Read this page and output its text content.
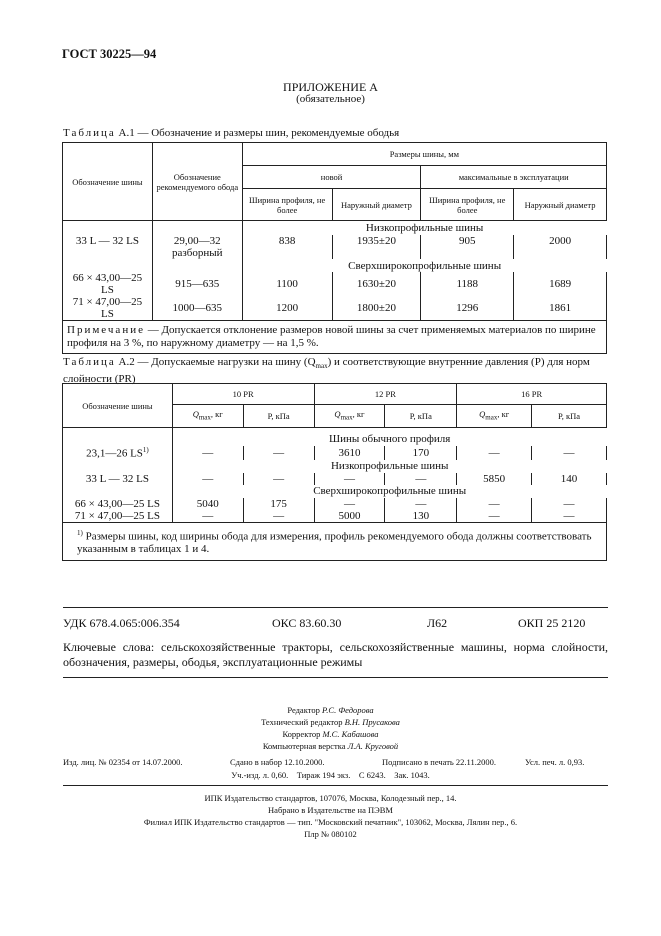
ГОСТ 30225—94
ПРИЛОЖЕНИЕ А
(обязательное)
Таблица А.1 — Обозначение и размеры шин, рекомендуемые ободья
Обозначение шины	Обозначение рекомендуемого обода	Размеры шины, мм			
		новой		максимальные в эксплуатации	
		Ширина профиля, не более	Наружный диаметр	Ширина профиля, не более	Наружный диаметр
		Низкопрофильные шины			
33 L — 32 LS	29,00—32 разборный	838	1935±20	905	2000
		Сверхширокопрофильные шины			
66 × 43,00—25 LS	915—635	1100	1630±20	1188	1689
71 × 47,00—25 LS	1000—635	1200	1800±20	1296	1861
Примечание — Допускается отклонение размеров новой шины за счет применяемых материалов по ширине профиля на 3 %, по наружному диаметру — на 1,5 %.					
Таблица А.2 — Допускаемые нагрузки на шину $(Q_{max})$ и соответствующие внутренние давления (P) для норм слойности (PR)
Обозначение шины	10 PR		12 PR		16 PR	
	$Q_{max}$, кг	P, кПа	$Q_{max}$, кг	P, кПа	$Q_{max}$, кг	P, кПа
	Шины обычного профиля					
23,1—26 LS$^{1)}$	—	—	3610	170	—	—
	Низкопрофильные шины					
33 L — 32 LS	—	—	—	—	5850	140
	Сверхширокопрофильные шины					
66 × 43,00—25 LS	5040	175	—	—	—	—
71 × 47,00—25 LS	—	—	5000	130	—	—
$^{1)}$ Размеры шины, код ширины обода для измерения, профиль рекомендуемого обода должны соответствовать указанным в таблицах 1 и 4.						
УДК 678.4.065:006.354	ОКС 83.60.30	Л62	ОКП 25 2120
Ключевые слова: сельскохозяйственные тракторы, сельскохозяйственные машины, норма слойности, обозначения, размеры, ободья, эксплуатационные режимы
Редактор Р.С. Федорова
Технический редактор В.Н. Прусакова
Корректор М.С. Кабашова
Компьютерная верстка Л.А. Круговой
Изд. лиц. № 02354 от 14.07.2000.	Сдано в набор 12.10.2000.	Подписано в печать 22.11.2000.	Усл. печ. л. 0,93.
Уч.-изд. л. 0,60.    Тираж 194 экз.    С 6243.    Зак. 1043.
ИПК Издательство стандартов, 107076, Москва, Колодезный пер., 14.
Набрано в Издательстве на ПЭВМ
Филиал ИПК Издательство стандартов — тип. "Московский печатник", 103062, Москва, Лялин пер., 6.
Плр № 080102
